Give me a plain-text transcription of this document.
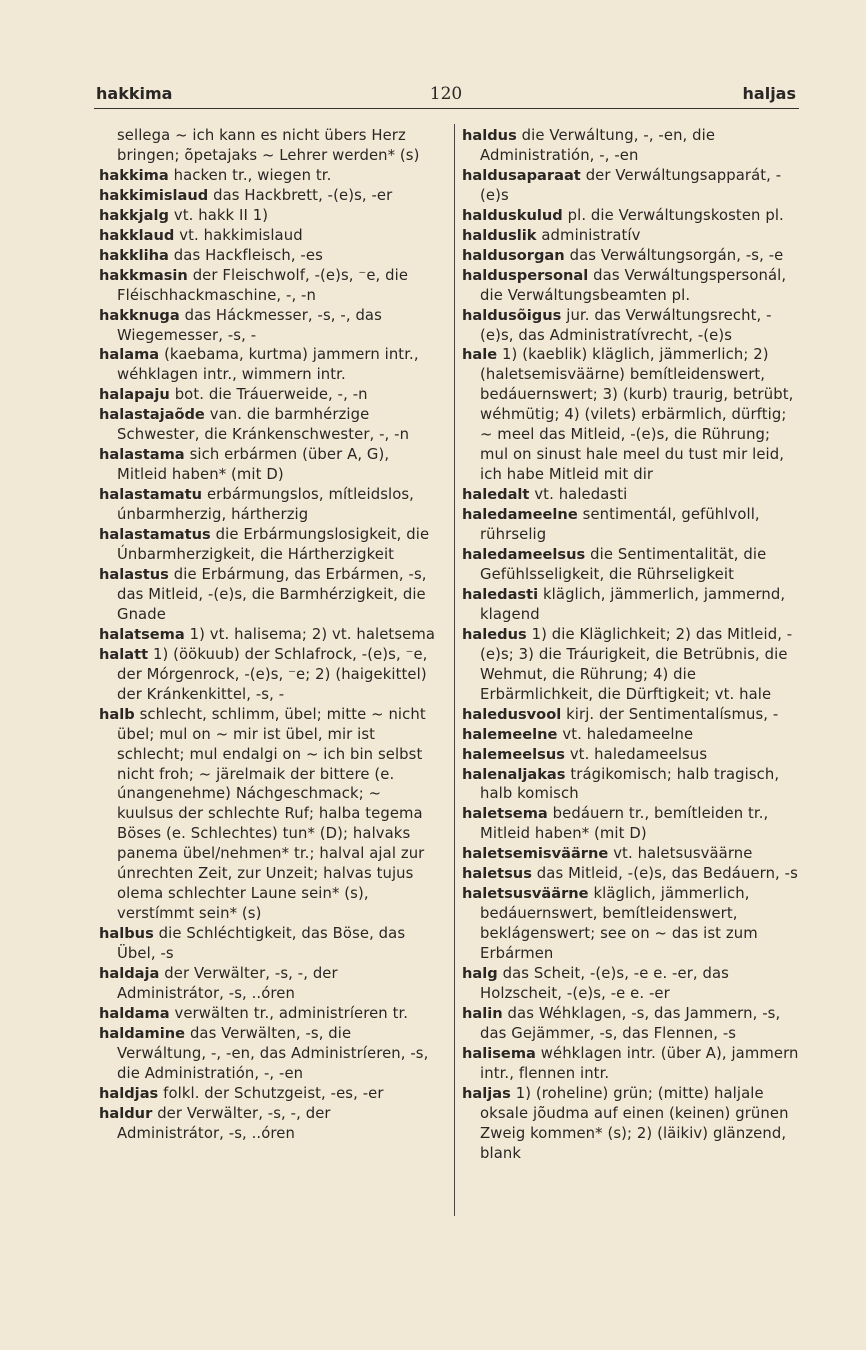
hakkima	120	haljas

sellega ~ ich kann es nicht übers Herz bringen; õpetajaks ~ Lehrer werden* (s)

hakkima hacken tr., wiegen tr.

hakkimislaud das Hackbrett, -(e)s, -er

hakkjalg vt. hakk II 1)

hakklaud vt. hakkimislaud

hakkliha das Hackfleisch, -es

hakkmasin der Fleischwolf, -(e)s, ⁻e, die Fléischhackmaschine, -, -n

hakknuga das Háckmesser, -s, -, das Wiegemesser, -s, -

halama (kaebama, kurtma) jammern intr., wéhklagen intr., wimmern intr.

halapaju bot. die Tráuerweide, -, -n

halastajaõde van. die barmhérzige Schwester, die Kránkenschwester, -, -n

halastama sich erbármen (über A, G), Mitleid haben* (mit D)

halastamatu erbármungslos, mítleidslos, únbarmherzig, hártherzig

halastamatus die Erbármungslosigkeit, die Únbarmherzigkeit, die Hártherzigkeit

halastus die Erbármung, das Erbármen, -s, das Mitleid, -(e)s, die Barmhérzigkeit, die Gnade

halatsema 1) vt. halisema; 2) vt. haletsema

halatt 1) (öökuub) der Schlafrock, -(e)s, ⁻e, der Mórgenrock, -(e)s, ⁻e; 2) (haigekittel) der Kránkenkittel, -s, -

halb schlecht, schlimm, übel; mitte ~ nicht übel; mul on ~ mir ist übel, mir ist schlecht; mul endalgi on ~ ich bin selbst nicht froh; ~ järelmaik der bittere (e. únangenehme) Náchgeschmack; ~ kuulsus der schlechte Ruf; halba tegema Böses (e. Schlechtes) tun* (D); halvaks panema übel/nehmen* tr.; halval ajal zur únrechten Zeit, zur Unzeit; halvas tujus olema schlechter Laune sein* (s), verstímmt sein* (s)

halbus die Schléchtigkeit, das Böse, das Übel, -s

haldaja der Verwälter, -s, -, der Administrátor, -s, ..óren

haldama verwälten tr., administríeren tr.

haldamine das Verwälten, -s, die Verwáltung, -, -en, das Administríeren, -s, die Administratión, -, -en

haldjas folkl. der Schutzgeist, -es, -er

haldur der Verwälter, -s, -, der Administrátor, -s, ..óren

haldus die Verwáltung, -, -en, die Administratión, -, -en

haldusaparaat der Verwáltungsapparát, -(e)s

halduskulud pl. die Verwáltungskosten pl.

halduslik administratív

haldusorgan das Verwáltungsorgán, -s, -e

halduspersonal das Verwáltungspersonál, die Verwáltungsbeamten pl.

haldusõigus jur. das Verwáltungsrecht, -(e)s, das Administratívrecht, -(e)s

hale 1) (kaeblik) kläglich, jämmerlich; 2) (haletsemisväärne) bemítleidenswert, bedáuernswert; 3) (kurb) traurig, betrübt, wéhmütig; 4) (vilets) erbärmlich, dürftig; ~ meel das Mitleid, -(e)s, die Rührung; mul on sinust hale meel du tust mir leid, ich habe Mitleid mit dir

haledalt vt. haledasti

haledameelne sentimentál, gefühlvoll, rührselig

haledameelsus die Sentimentalität, die Gefühlsseligkeit, die Rührseligkeit

haledasti kläglich, jämmerlich, jammernd, klagend

haledus 1) die Kläglichkeit; 2) das Mitleid, -(e)s; 3) die Tráurigkeit, die Betrübnis, die Wehmut, die Rührung; 4) die Erbärmlichkeit, die Dürftigkeit; vt. hale

haledusvool kirj. der Sentimentalísmus, -

halemeelne vt. haledameelne

halemeelsus vt. haledameelsus

halenaljakas trágikomisch; halb tragisch, halb komisch

haletsema bedáuern tr., bemítleiden tr., Mitleid haben* (mit D)

haletsemisväärne vt. haletsusväärne

haletsus das Mitleid, -(e)s, das Bedáuern, -s

haletsusväärne kläglich, jämmerlich, bedáuernswert, bemítleidenswert, beklágenswert; see on ~ das ist zum Erbármen

halg das Scheit, -(e)s, -e e. -er, das Holzscheit, -(e)s, -e e. -er

halin das Wéhklagen, -s, das Jammern, -s, das Gejämmer, -s, das Flennen, -s

halisema wéhklagen intr. (über A), jammern intr., flennen intr.

haljas 1) (roheline) grün; (mitte) haljale oksale jõudma auf einen (keinen) grünen Zweig kommen* (s); 2) (läikiv) glänzend, blank
